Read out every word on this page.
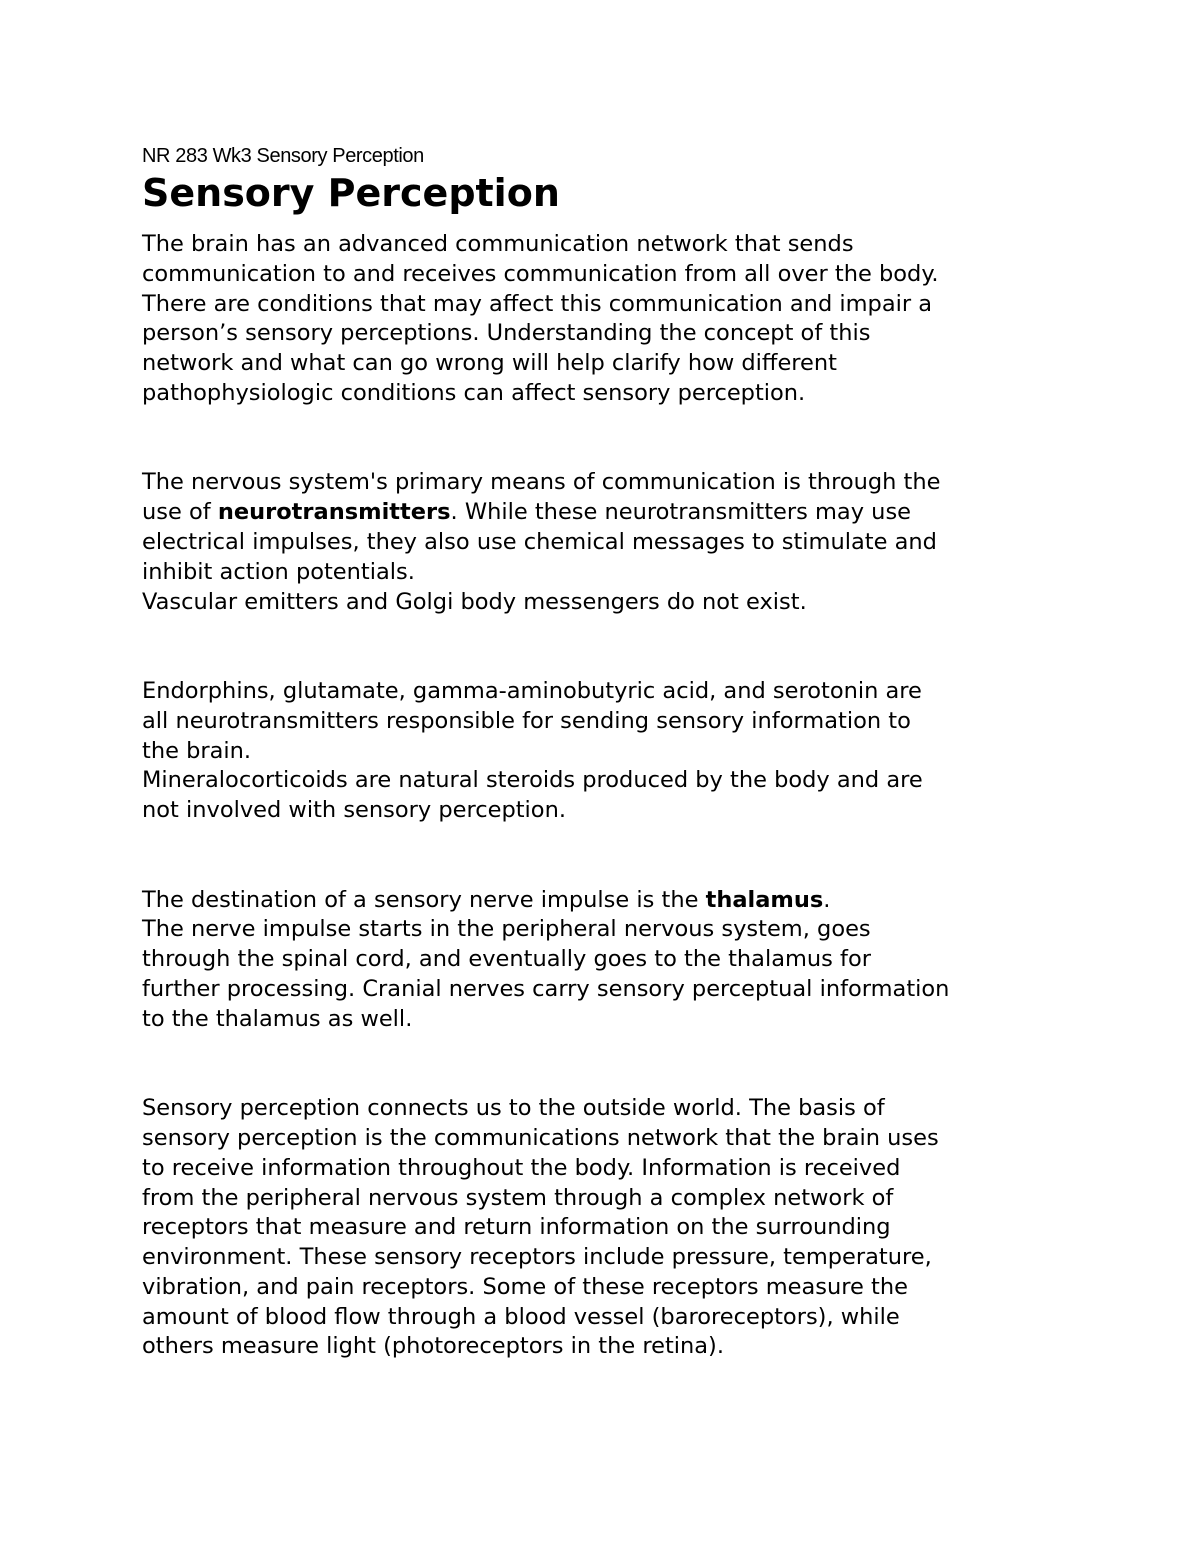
NR 283 Wk3 Sensory Perception

Sensory Perception
The brain has an advanced communication network that sends
communication to and receives communication from all over the body.
There are conditions that may affect this communication and impair a
person’s sensory perceptions. Understanding the concept of this
network and what can go wrong will help clarify how different
pathophysiologic conditions can affect sensory perception.
The nervous system's primary means of communication is through the
use of neurotransmitters. While these neurotransmitters may use
electrical impulses, they also use chemical messages to stimulate and
inhibit action potentials.
Vascular emitters and Golgi body messengers do not exist.
Endorphins, glutamate, gamma-aminobutyric acid, and serotonin are
all neurotransmitters responsible for sending sensory information to
the brain.
Mineralocorticoids are natural steroids produced by the body and are
not involved with sensory perception.
The destination of a sensory nerve impulse is the thalamus.
The nerve impulse starts in the peripheral nervous system, goes
through the spinal cord, and eventually goes to the thalamus for
further processing. Cranial nerves carry sensory perceptual information
to the thalamus as well.
Sensory perception connects us to the outside world. The basis of
sensory perception is the communications network that the brain uses
to receive information throughout the body. Information is received
from the peripheral nervous system through a complex network of
receptors that measure and return information on the surrounding
environment. These sensory receptors include pressure, temperature,
vibration, and pain receptors. Some of these receptors measure the
amount of blood flow through a blood vessel (baroreceptors), while
others measure light (photoreceptors in the retina).
